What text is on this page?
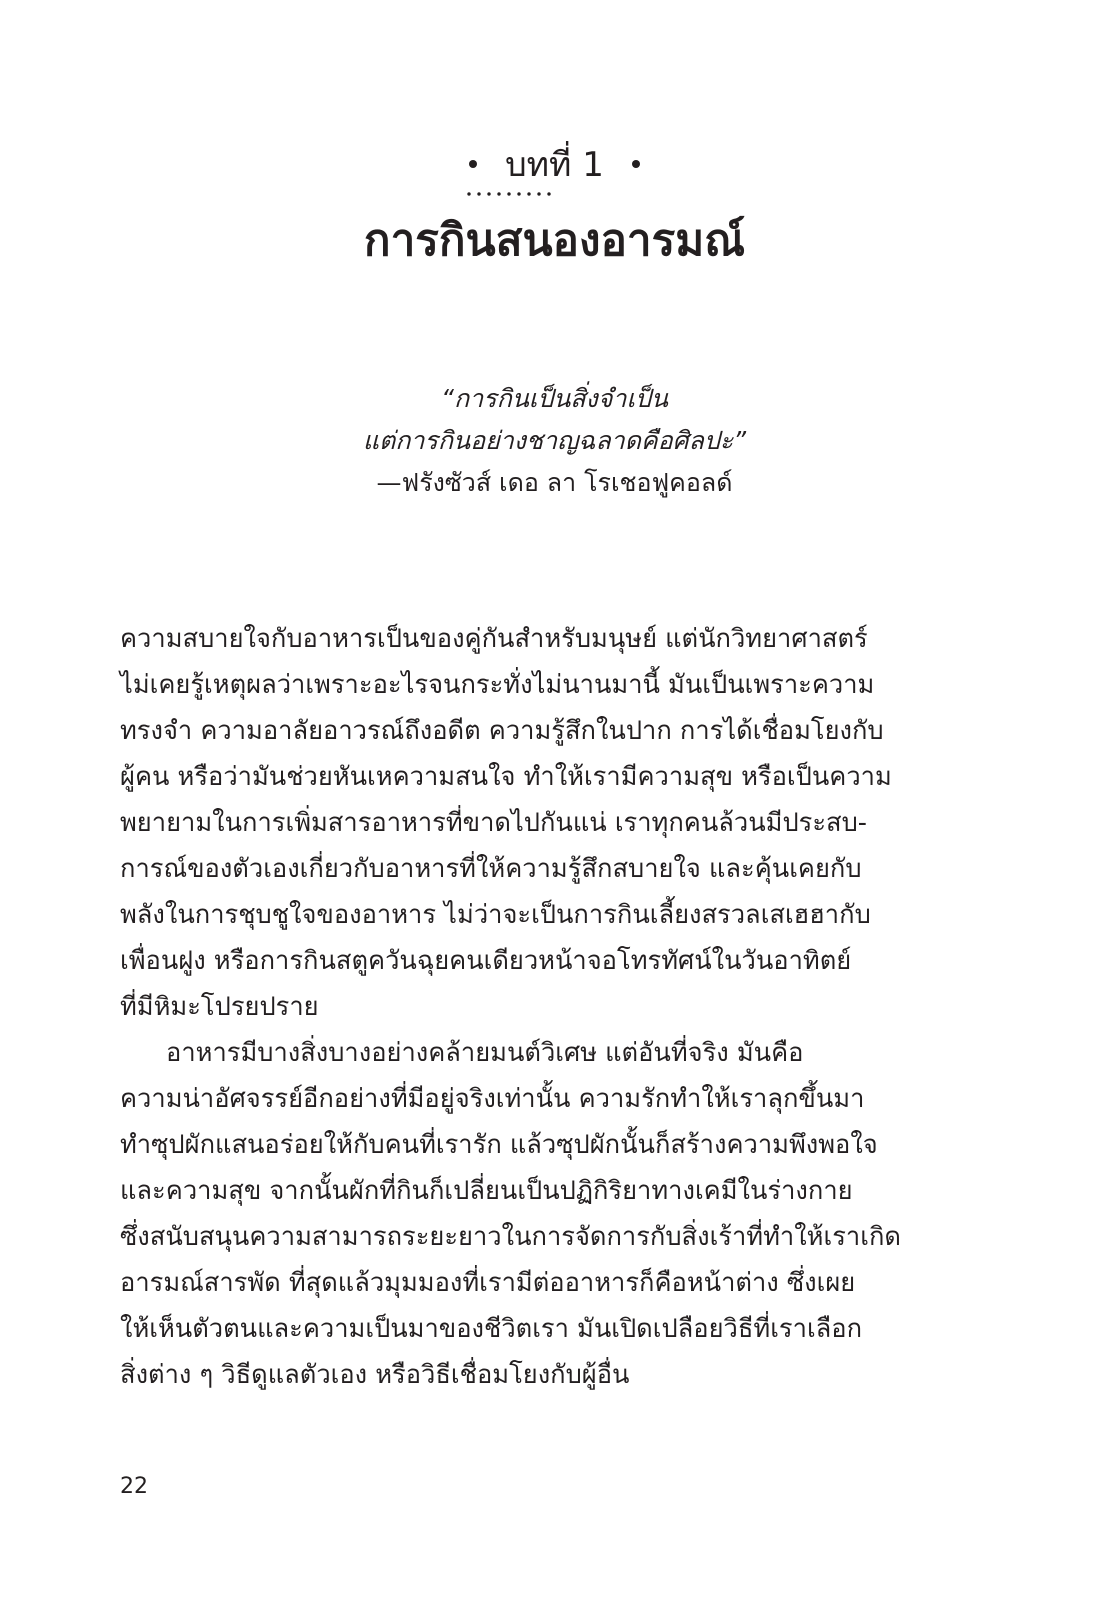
บทที่ 1
การกินสนองอารมณ์
“การกินเป็นสิ่งจำเป็น
แต่การกินอย่างชาญฉลาดคือศิลปะ”
—ฟรังซัวส์ เดอ ลา โรเชอฟูคอลด์

ความสบายใจกับอาหารเป็นของคู่กันสำหรับมนุษย์ แต่นักวิทยาศาสตร์
ไม่เคยรู้เหตุผลว่าเพราะอะไรจนกระทั่งไม่นานมานี้ มันเป็นเพราะความ
ทรงจำ ความอาลัยอาวรณ์ถึงอดีต ความรู้สึกในปาก การได้เชื่อมโยงกับ
ผู้คน หรือว่ามันช่วยหันเหความสนใจ ทำให้เรามีความสุข หรือเป็นความ
พยายามในการเพิ่มสารอาหารที่ขาดไปกันแน่ เราทุกคนล้วนมีประสบ-
การณ์ของตัวเองเกี่ยวกับอาหารที่ให้ความรู้สึกสบายใจ และคุ้นเคยกับ
พลังในการชุบชูใจของอาหาร ไม่ว่าจะเป็นการกินเลี้ยงสรวลเสเฮฮากับ
เพื่อนฝูง หรือการกินสตูควันฉุยคนเดียวหน้าจอโทรทัศน์ในวันอาทิตย์
ที่มีหิมะโปรยปราย

อาหารมีบางสิ่งบางอย่างคล้ายมนต์วิเศษ แต่อันที่จริง มันคือ
ความน่าอัศจรรย์อีกอย่างที่มีอยู่จริงเท่านั้น ความรักทำให้เราลุกขึ้นมา
ทำซุปผักแสนอร่อยให้กับคนที่เรารัก แล้วซุปผักนั้นก็สร้างความพึงพอใจ
และความสุข จากนั้นผักที่กินก็เปลี่ยนเป็นปฏิกิริยาทางเคมีในร่างกาย
ซึ่งสนับสนุนความสามารถระยะยาวในการจัดการกับสิ่งเร้าที่ทำให้เราเกิด
อารมณ์สารพัด ที่สุดแล้วมุมมองที่เรามีต่ออาหารก็คือหน้าต่าง ซึ่งเผย
ให้เห็นตัวตนและความเป็นมาของชีวิตเรา มันเปิดเปลือยวิธีที่เราเลือก
สิ่งต่าง ๆ วิธีดูแลตัวเอง หรือวิธีเชื่อมโยงกับผู้อื่น

22
